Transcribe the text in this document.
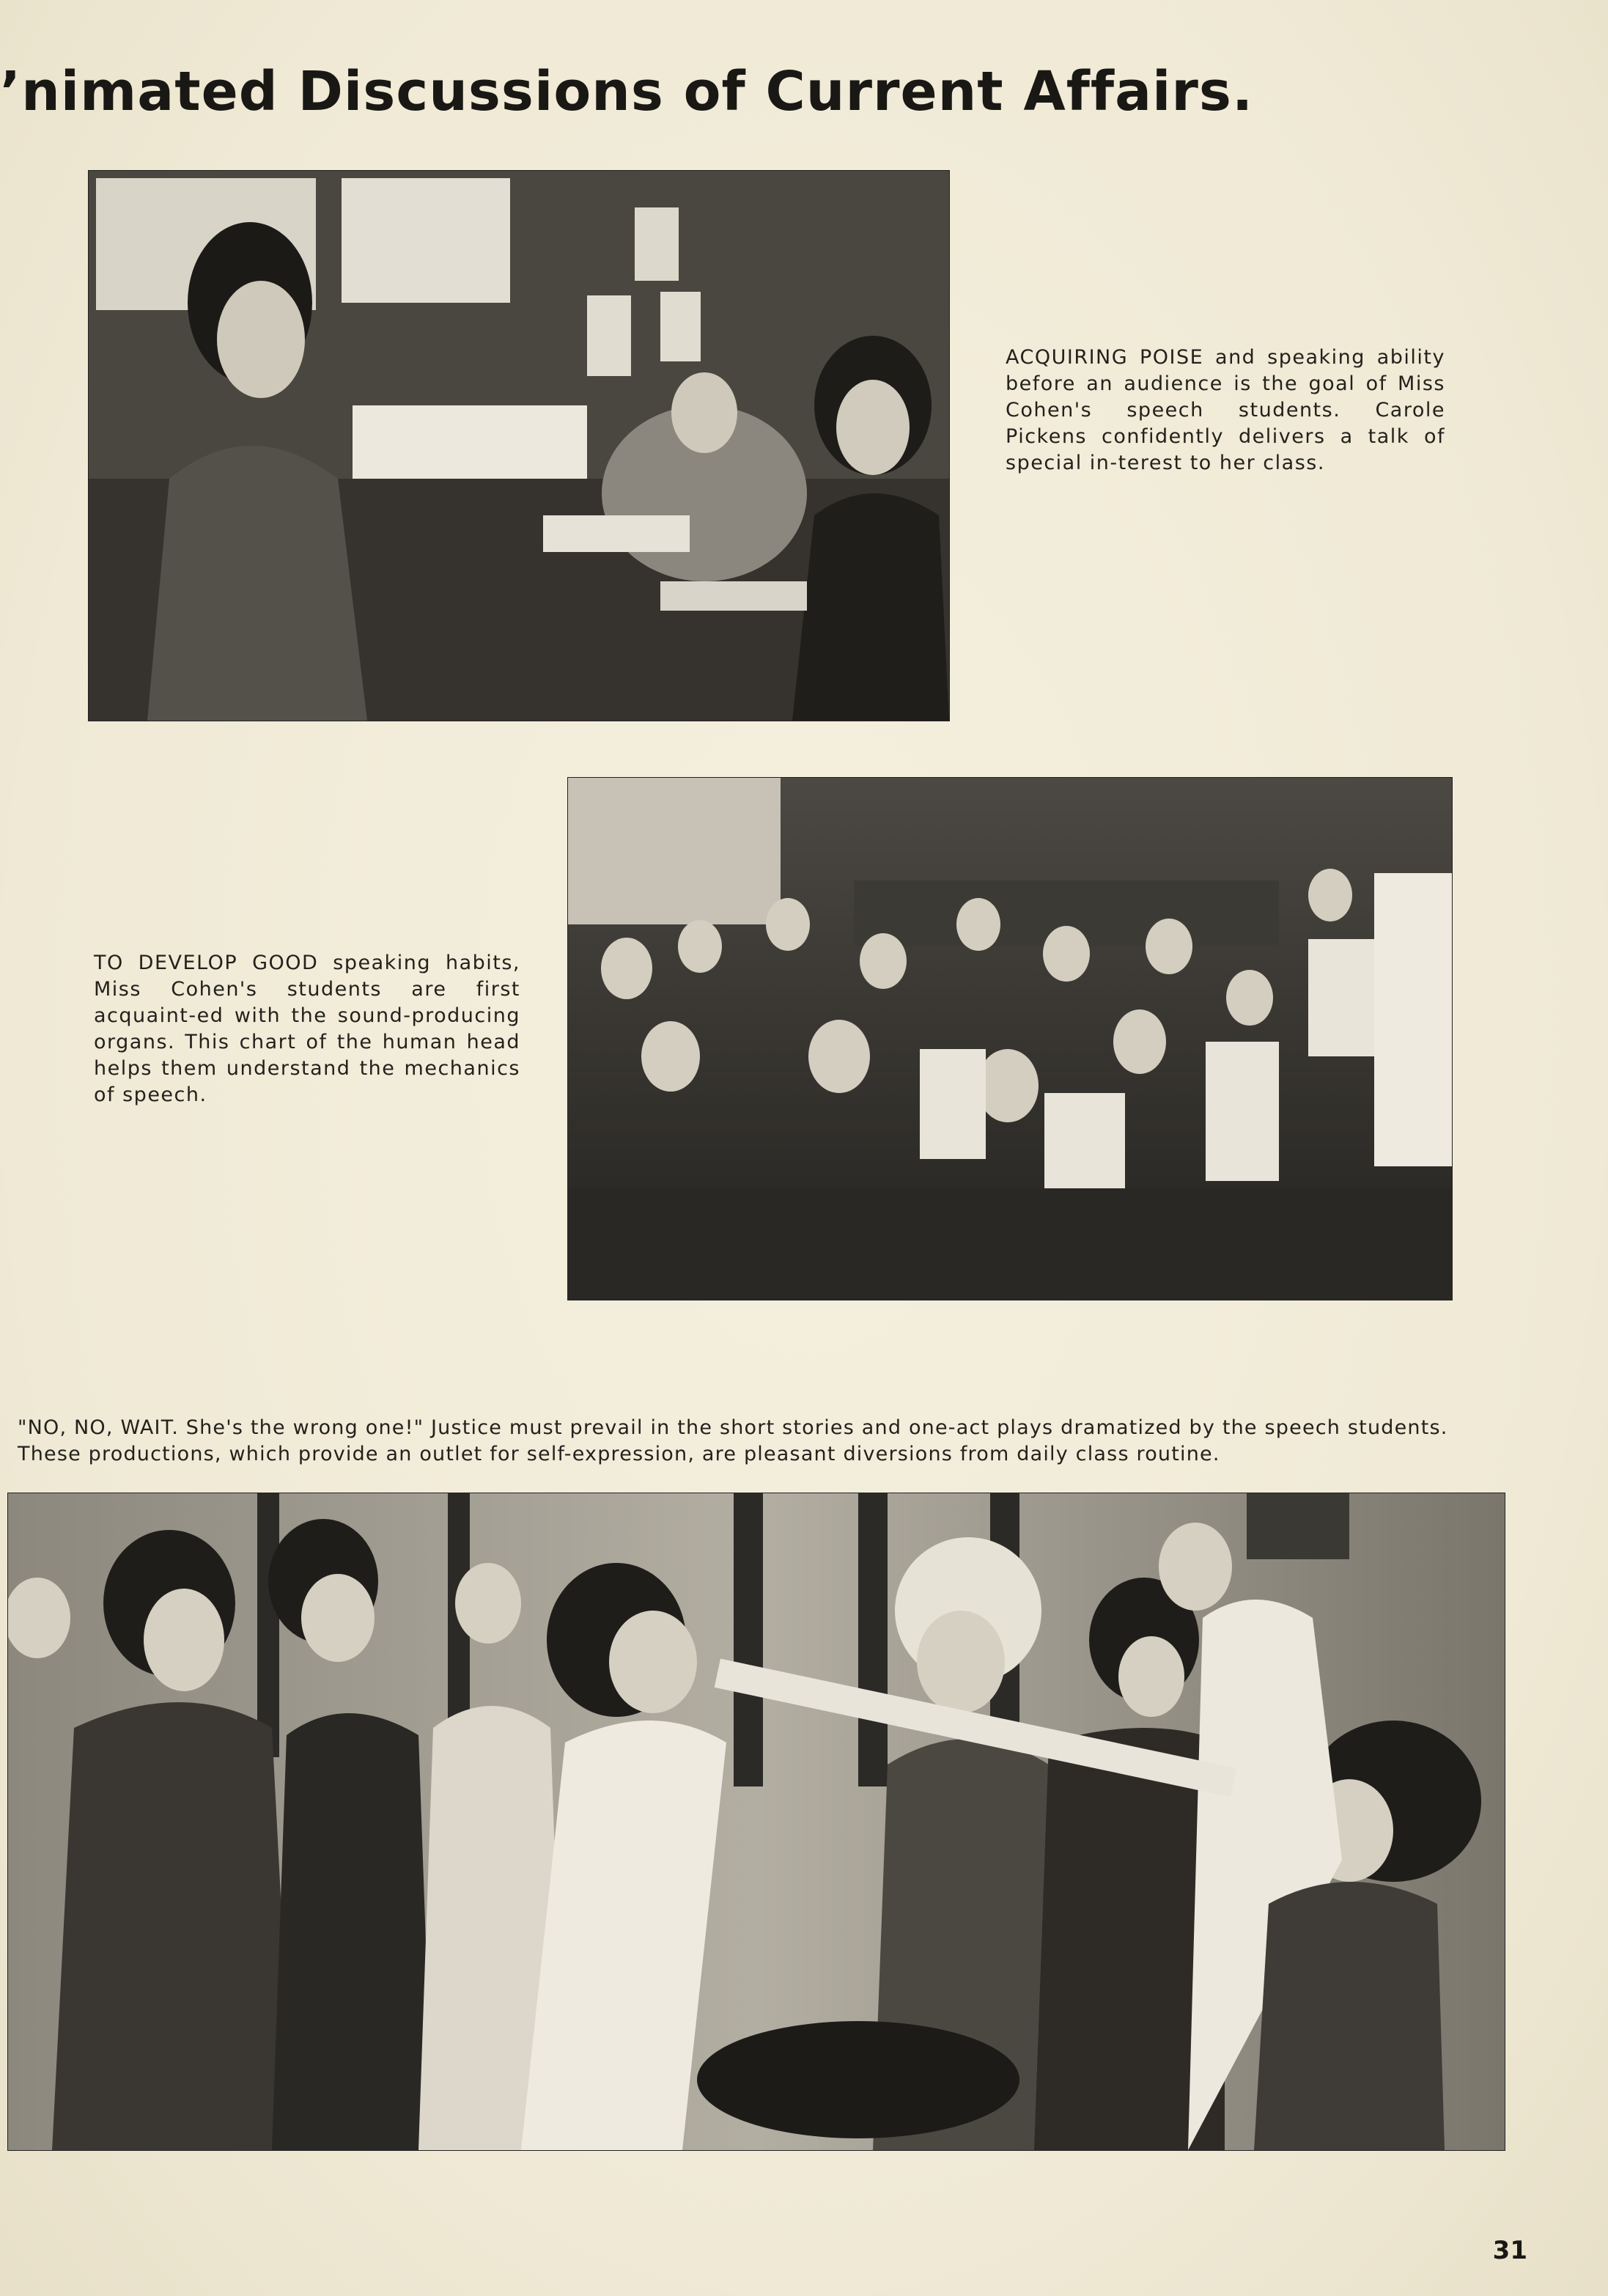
’nimated Discussions of Current Affairs.
ACQUIRING POISE and speaking ability before an audience is the goal of Miss Cohen's speech students. Carole Pickens confidently delivers a talk of special in-terest to her class.
TO DEVELOP GOOD speaking habits, Miss Cohen's students are first acquaint-ed with the sound-producing organs. This chart of the human head helps them understand the mechanics of speech.
"NO, NO, WAIT. She's the wrong one!" Justice must prevail in the short stories and one-act plays dramatized by the speech students.
These productions, which provide an outlet for self-expression, are pleasant diversions from daily class routine.
31
